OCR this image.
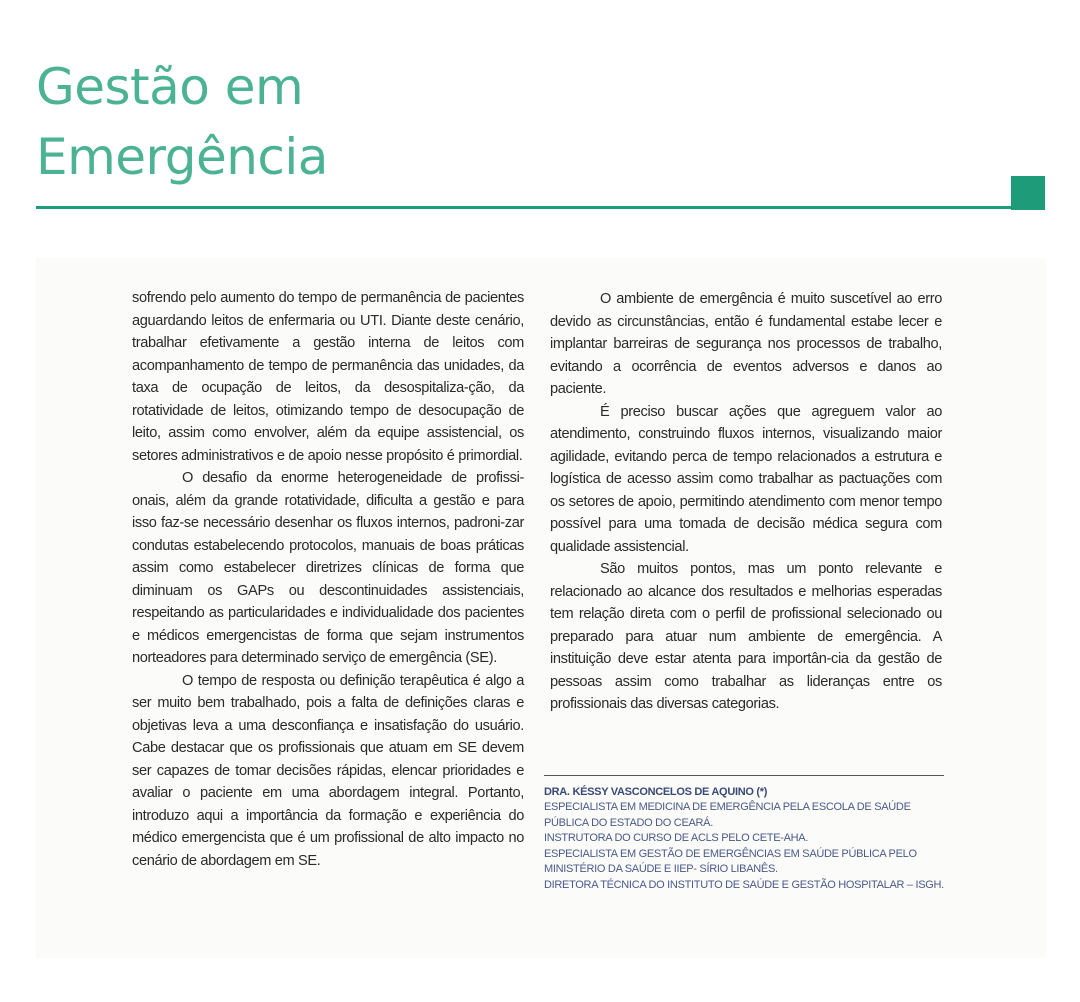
Gestão em
Emergência

sofrendo pelo aumento do tempo de permanência de pacientes aguardando leitos de enfermaria ou UTI. Diante deste cenário, trabalhar efetivamente a gestão interna de leitos com acompanhamento de tempo de permanência das unidades, da taxa de ocupação de leitos, da desospitaliza-ção, da rotatividade de leitos, otimizando tempo de desocupação de leito, assim como envolver, além da equipe assistencial, os setores administrativos e de apoio nesse propósito é primordial.

O desafio da enorme heterogeneidade de profissi-onais, além da grande rotatividade, dificulta a gestão e para isso faz-se necessário desenhar os fluxos internos, padroni-zar condutas estabelecendo protocolos, manuais de boas práticas assim como estabelecer diretrizes clínicas de forma que diminuam os GAPs ou descontinuidades assistenciais, respeitando as particularidades e individualidade dos pacientes e médicos emergencistas de forma que sejam instrumentos norteadores para determinado serviço de emergência (SE).

O tempo de resposta ou definição terapêutica é algo a ser muito bem trabalhado, pois a falta de definições claras e objetivas leva a uma desconfiança e insatisfação do usuário. Cabe destacar que os profissionais que atuam em SE devem ser capazes de tomar decisões rápidas, elencar prioridades e avaliar o paciente em uma abordagem integral. Portanto, introduzo aqui a importância da formação e experiência do médico emergencista que é um profissional de alto impacto no cenário de abordagem em SE.

O ambiente de emergência é muito suscetível ao erro devido as circunstâncias, então é fundamental estabe lecer e implantar barreiras de segurança nos processos de trabalho, evitando a ocorrência de eventos adversos e danos ao paciente.

É preciso buscar ações que agreguem valor ao atendimento, construindo fluxos internos, visualizando maior agilidade, evitando perca de tempo relacionados a estrutura e logística de acesso assim como trabalhar as pactuações com os setores de apoio, permitindo atendimento com menor tempo possível para uma tomada de decisão médica segura com qualidade assistencial.

São muitos pontos, mas um ponto relevante e relacionado ao alcance dos resultados e melhorias esperadas tem relação direta com o perfil de profissional selecionado ou preparado para atuar num ambiente de emergência. A instituição deve estar atenta para importân-cia da gestão de pessoas assim como trabalhar as lideranças entre os profissionais das diversas categorias.

DRA. KÉSSY VASCONCELOS DE AQUINO (*)
ESPECIALISTA EM MEDICINA DE EMERGÊNCIA PELA ESCOLA DE SAÚDE PÚBLICA DO ESTADO DO CEARÁ.
INSTRUTORA DO CURSO DE ACLS PELO CETE-AHA.
ESPECIALISTA EM GESTÃO DE EMERGÊNCIAS EM SAÚDE PÚBLICA PELO MINISTÉRIO DA SAÚDE E IIEP- SÍRIO LIBANÊS.
DIRETORA TÉCNICA DO INSTITUTO DE SAÚDE E GESTÃO HOSPITALAR – ISGH.
